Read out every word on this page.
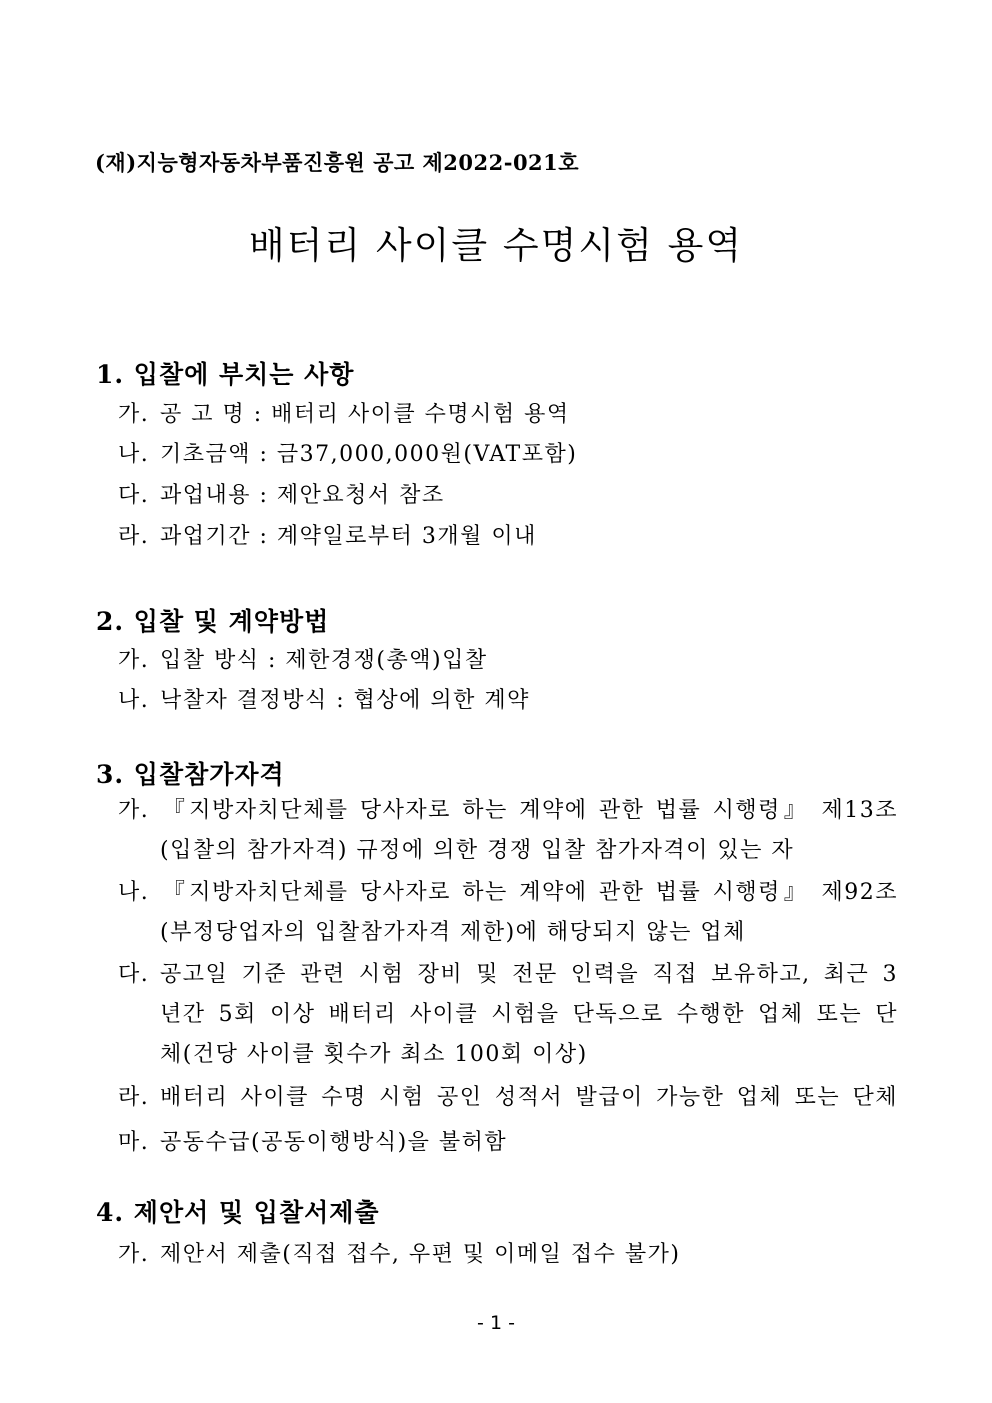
(재)지능형자동차부품진흥원 공고 제2022-021호
배터리 사이클 수명시험 용역
1. 입찰에 부치는 사항
가. 공 고 명 : 배터리 사이클 수명시험 용역
나. 기초금액 : 금37,000,000원(VAT포함)
다. 과업내용 : 제안요청서 참조
라. 과업기간 : 계약일로부터 3개월 이내
2. 입찰 및 계약방법
가. 입찰 방식 : 제한경쟁(총액)입찰
나. 낙찰자 결정방식 : 협상에 의한 계약
3. 입찰참가자격
가. 『지방자치단체를 당사자로 하는 계약에 관한 법률 시행령』 제13조
(입찰의 참가자격) 규정에 의한 경쟁 입찰 참가자격이 있는 자
나. 『지방자치단체를 당사자로 하는 계약에 관한 법률 시행령』 제92조
(부정당업자의 입찰참가자격 제한)에 해당되지 않는 업체
다. 공고일 기준 관련 시험 장비 및 전문 인력을 직접 보유하고, 최근 3
년간 5회 이상 배터리 사이클 시험을 단독으로 수행한 업체 또는 단
체(건당 사이클 횟수가 최소 100회 이상)
라. 배터리 사이클 수명 시험 공인 성적서 발급이 가능한 업체 또는 단체
마. 공동수급(공동이행방식)을 불허함
4. 제안서 및 입찰서제출
가. 제안서 제출(직접 접수, 우편 및 이메일 접수 불가)
- 1 -
